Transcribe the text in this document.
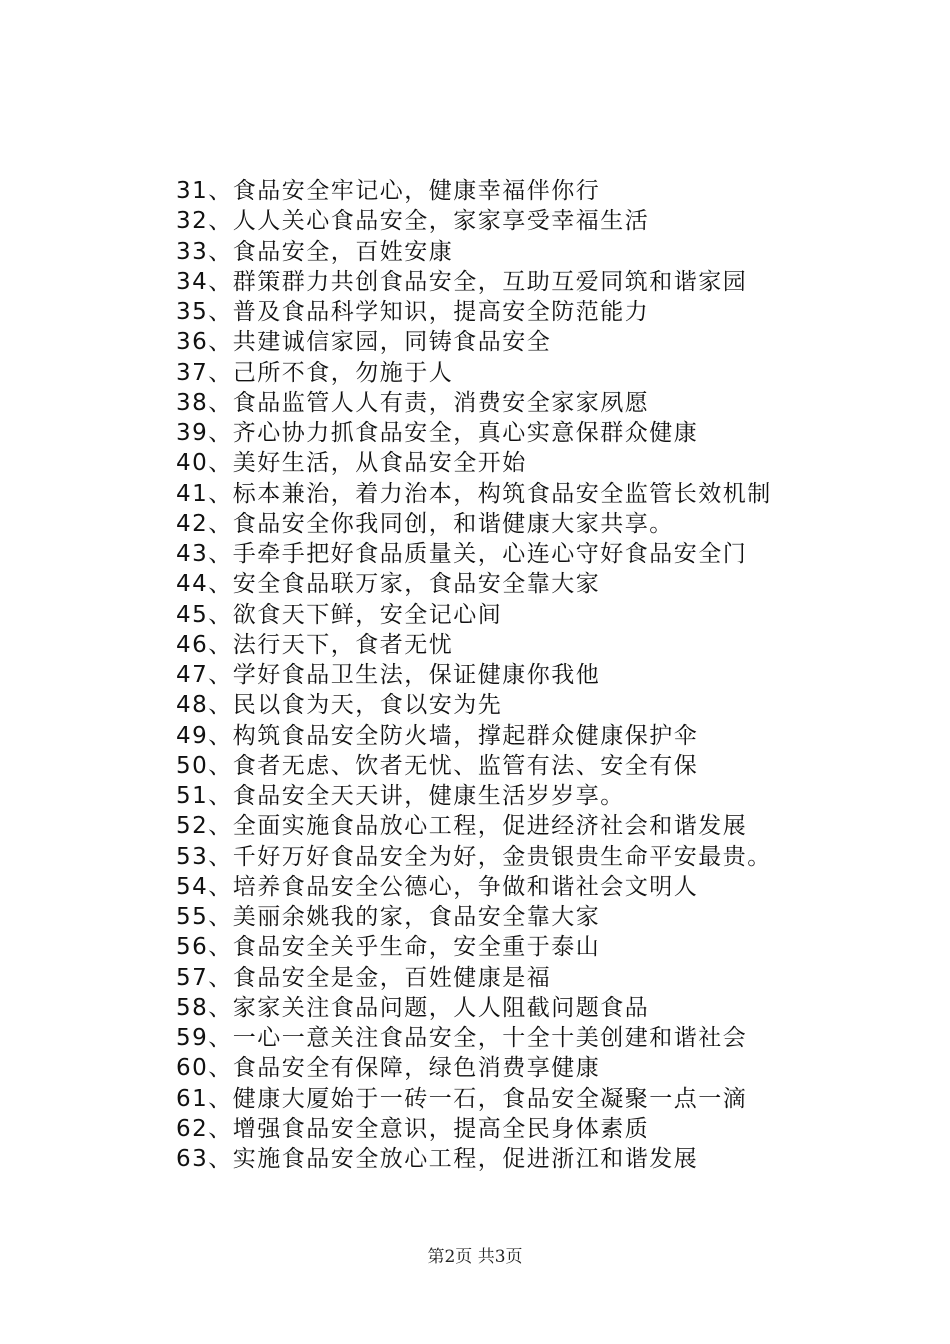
31、食品安全牢记心，健康幸福伴你行
32、人人关心食品安全，家家享受幸福生活
33、食品安全，百姓安康
34、群策群力共创食品安全，互助互爱同筑和谐家园
35、普及食品科学知识，提高安全防范能力
36、共建诚信家园，同铸食品安全
37、己所不食，勿施于人
38、食品监管人人有责，消费安全家家夙愿
39、齐心协力抓食品安全，真心实意保群众健康
40、美好生活，从食品安全开始
41、标本兼治，着力治本，构筑食品安全监管长效机制
42、食品安全你我同创，和谐健康大家共享。
43、手牵手把好食品质量关，心连心守好食品安全门
44、安全食品联万家，食品安全靠大家
45、欲食天下鲜，安全记心间
46、法行天下，食者无忧
47、学好食品卫生法，保证健康你我他
48、民以食为天，食以安为先
49、构筑食品安全防火墙，撑起群众健康保护伞
50、食者无虑、饮者无忧、监管有法、安全有保
51、食品安全天天讲，健康生活岁岁享。
52、全面实施食品放心工程，促进经济社会和谐发展
53、千好万好食品安全为好，金贵银贵生命平安最贵。
54、培养食品安全公德心，争做和谐社会文明人
55、美丽余姚我的家，食品安全靠大家
56、食品安全关乎生命，安全重于泰山
57、食品安全是金，百姓健康是福
58、家家关注食品问题，人人阻截问题食品
59、一心一意关注食品安全，十全十美创建和谐社会
60、食品安全有保障，绿色消费享健康
61、健康大厦始于一砖一石，食品安全凝聚一点一滴
62、增强食品安全意识，提高全民身体素质
63、实施食品安全放心工程，促进浙江和谐发展
第2页 共3页
